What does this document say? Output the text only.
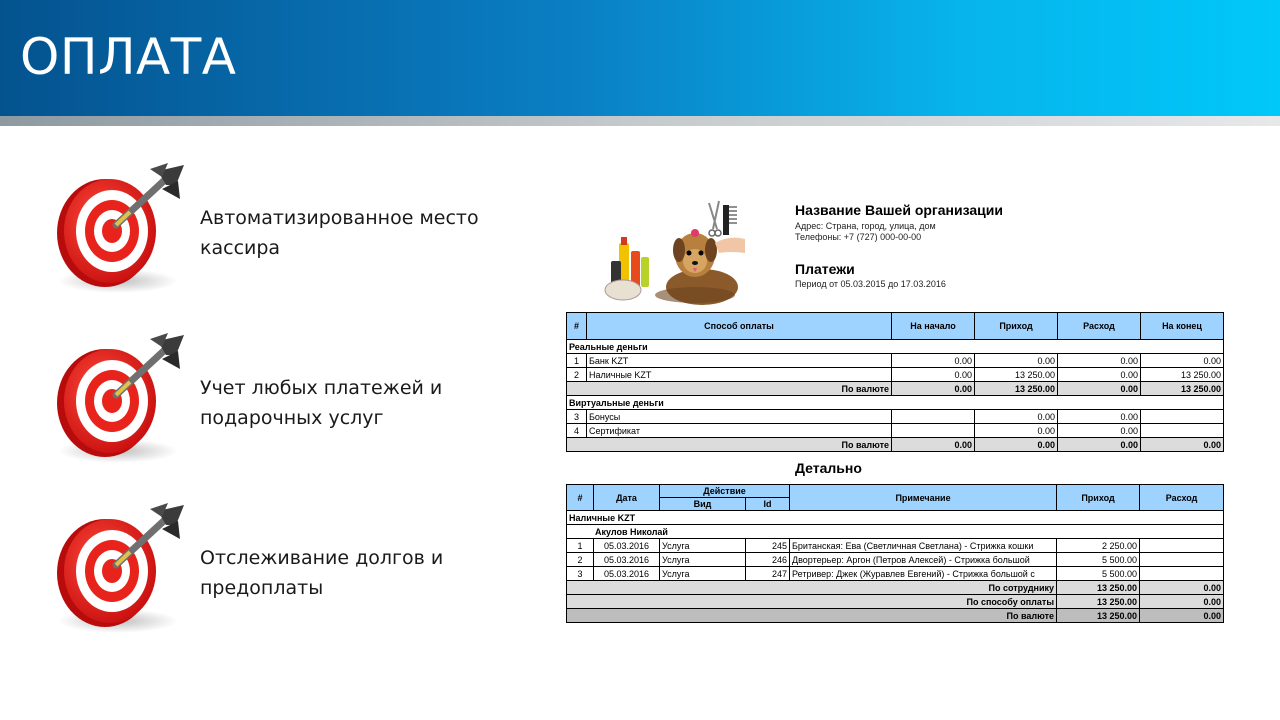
ОПЛАТА
Автоматизированное место
кассира
Учет любых платежей и
подарочных услуг
Отслеживание долгов и
предоплаты
Название Вашей организации
Адрес: Страна, город, улица, дом
Телефоны: +7 (727) 000-00-00
Платежи
Период от 05.03.2015 до 17.03.2016
#	Способ оплаты	На начало	Приход	Расход	На конец
Реальные деньги					
1	Банк KZT	0.00	0.00	0.00	0.00
2	Наличные KZT	0.00	13 250.00	0.00	13 250.00
По валюте		0.00	13 250.00	0.00	13 250.00
Виртуальные деньги					
3	Бонусы		0.00	0.00	
4	Сертификат		0.00	0.00	
По валюте		0.00	0.00	0.00	0.00
Детально
#	Дата	Действие		Примечание	Приход	Расход
		Вид	Id			
Наличные KZT						
Акулов Николай						
1	05.03.2016	Услуга	245	Британская: Ева (Светличная Светлана) - Стрижка кошки	2 250.00	
2	05.03.2016	Услуга	246	Двортерьер: Аргон (Петров Алексей) - Стрижка большой	5 500.00	
3	05.03.2016	Услуга	247	Ретривер: Джек (Журавлев Евгений) - Стрижка большой с	5 500.00	
По сотруднику					13 250.00	0.00
По способу оплаты					13 250.00	0.00
По валюте					13 250.00	0.00
